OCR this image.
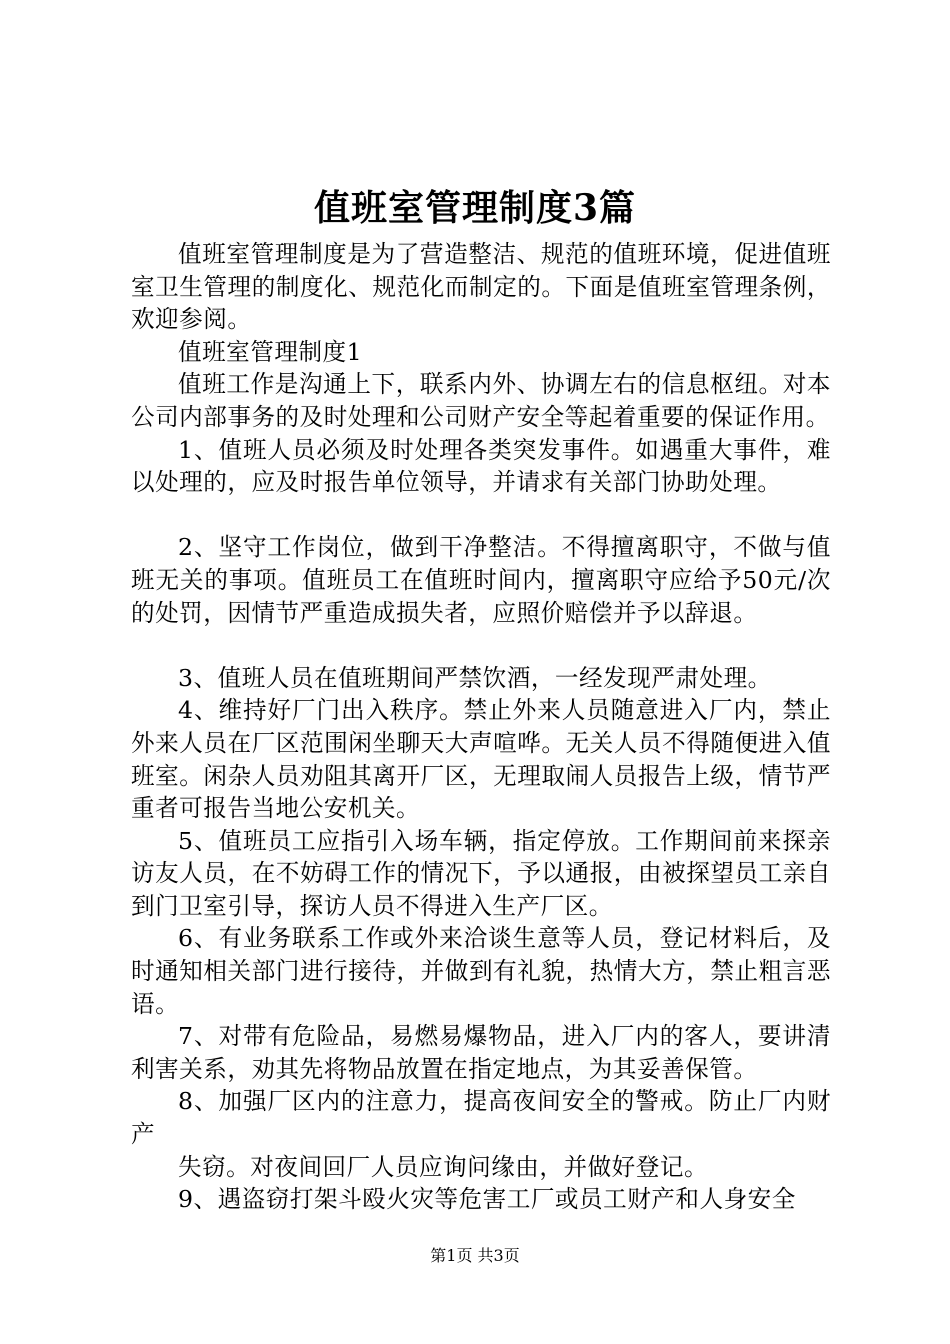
值班室管理制度3篇

值班室管理制度是为了营造整洁、规范的值班环境，促进值班室卫生管理的制度化、规范化而制定的。下面是值班室管理条例，欢迎参阅。

值班室管理制度1

值班工作是沟通上下，联系内外、协调左右的信息枢纽。对本公司内部事务的及时处理和公司财产安全等起着重要的保证作用。

1、值班人员必须及时处理各类突发事件。如遇重大事件，难以处理的，应及时报告单位领导，并请求有关部门协助处理。

2、坚守工作岗位，做到干净整洁。不得擅离职守，不做与值班无关的事项。值班员工在值班时间内，擅离职守应给予50元/次的处罚，因情节严重造成损失者，应照价赔偿并予以辞退。

3、值班人员在值班期间严禁饮酒，一经发现严肃处理。

4、维持好厂门出入秩序。禁止外来人员随意进入厂内，禁止外来人员在厂区范围闲坐聊天大声喧哗。无关人员不得随便进入值班室。闲杂人员劝阻其离开厂区，无理取闹人员报告上级，情节严重者可报告当地公安机关。

5、值班员工应指引入场车辆，指定停放。工作期间前来探亲访友人员，在不妨碍工作的情况下，予以通报，由被探望员工亲自到门卫室引导，探访人员不得进入生产厂区。

6、有业务联系工作或外来洽谈生意等人员，登记材料后，及时通知相关部门进行接待，并做到有礼貌，热情大方，禁止粗言恶语。

7、对带有危险品，易燃易爆物品，进入厂内的客人，要讲清利害关系，劝其先将物品放置在指定地点，为其妥善保管。

8、加强厂区内的注意力，提高夜间安全的警戒。防止厂内财产

失窃。对夜间回厂人员应询问缘由，并做好登记。

9、遇盗窃打架斗殴火灾等危害工厂或员工财产和人身安全

第1页 共3页
